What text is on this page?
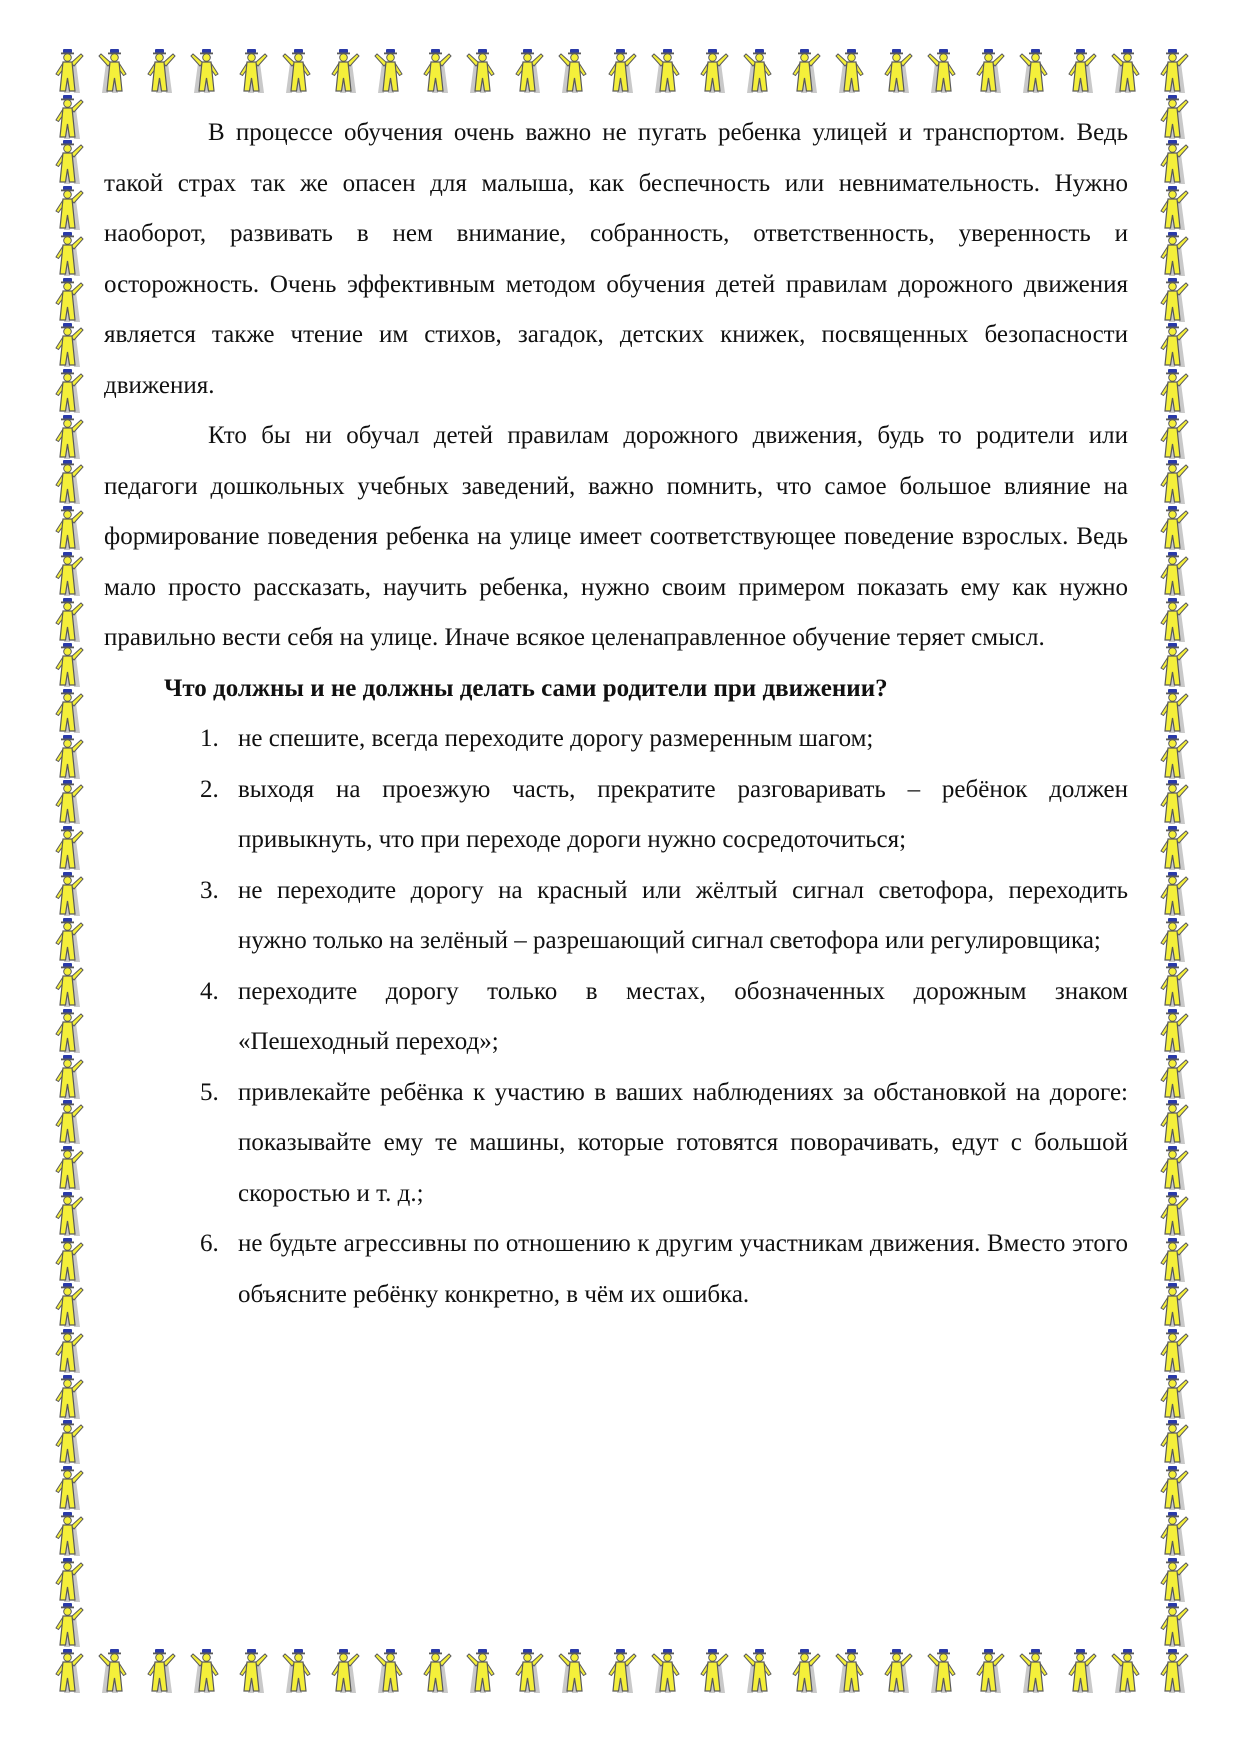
В процессе обучения очень важно не пугать ребенка улицей и транспортом. Ведь такой страх так же опасен для малыша, как беспечность или невнимательность. Нужно наоборот, развивать в нем внимание, собранность, ответственность, уверенность и осторожность. Очень эффективным методом обучения детей правилам дорожного движения является также чтение им стихов, загадок, детских книжек, посвященных безопасности движения.

Кто бы ни обучал детей правилам дорожного движения, будь то родители или педагоги дошкольных учебных заведений, важно помнить, что самое большое влияние на формирование поведения ребенка на улице имеет соответствующее поведение взрослых. Ведь мало просто рассказать, научить ребенка, нужно своим примером показать ему как нужно правильно вести себя на улице. Иначе всякое целенаправленное обучение теряет смысл.

Что должны и не должны делать сами родители при движении?

1. не спешите, всегда переходите дорогу размеренным шагом;
2. выходя на проезжую часть, прекратите разговаривать – ребёнок должен привыкнуть, что при переходе дороги нужно сосредоточиться;
3. не переходите дорогу на красный или жёлтый сигнал светофора, переходить нужно только на зелёный – разрешающий сигнал светофора или регулировщика;
4. переходите дорогу только в местах, обозначенных дорожным знаком «Пешеходный переход»;
5. привлекайте ребёнка к участию в ваших наблюдениях за обстановкой на дороге: показывайте ему те машины, которые готовятся поворачивать, едут с большой скоростью и т. д.;
6. не будьте агрессивны по отношению к другим участникам движения. Вместо этого объясните ребёнку конкретно, в чём их ошибка.
